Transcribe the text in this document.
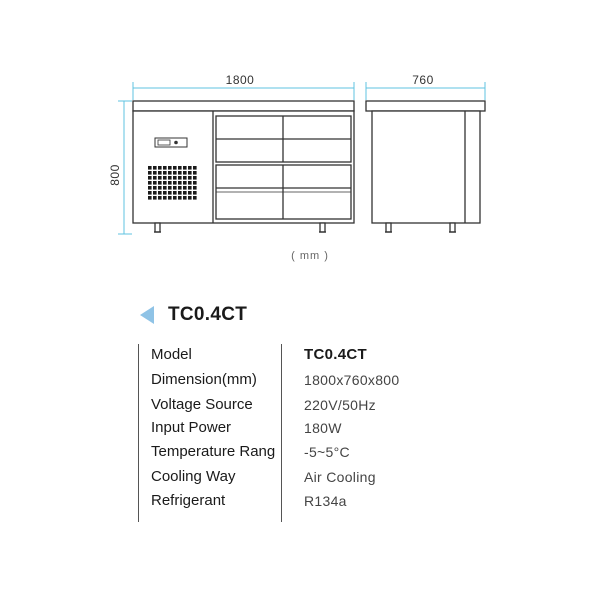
1800	760
800
( mm )
TC0.4CT
Model	TC0.4CT
Dimension(mm)	1800x760x800
Voltage Source	220V/50Hz
Input Power	180W
Temperature Rang	-5~5°C
Cooling Way	Air Cooling
Refrigerant	R134a
